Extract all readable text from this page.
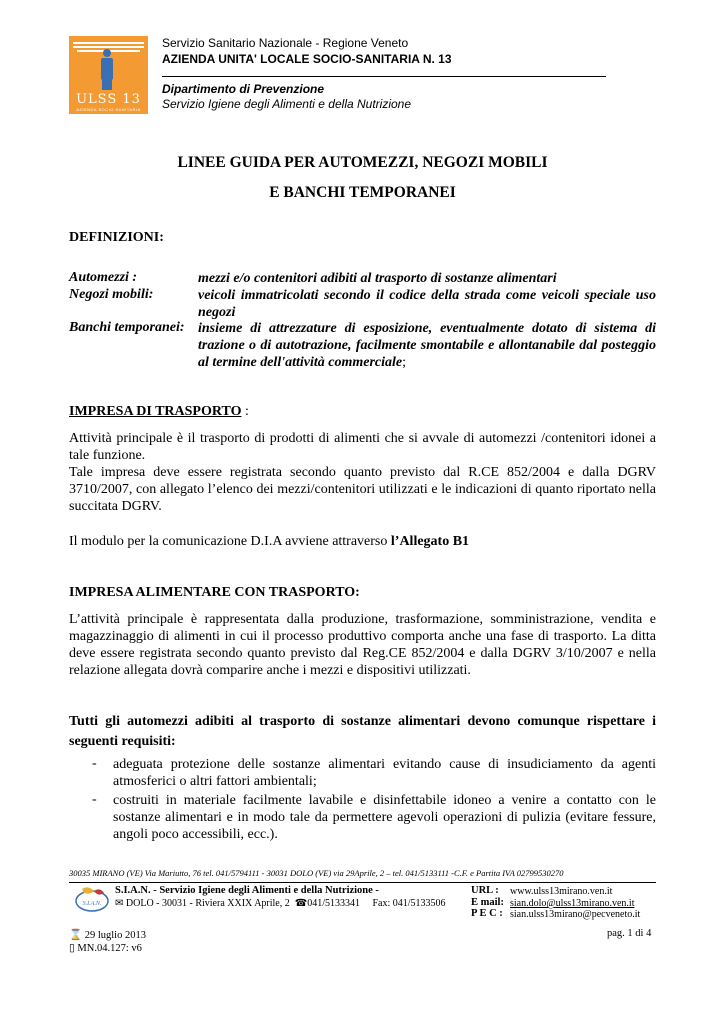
ULSS 13
AZIENDA SOCIO SANITARIA
Servizio Sanitario Nazionale - Regione Veneto
AZIENDA UNITA' LOCALE SOCIO-SANITARIA N. 13
Dipartimento di Prevenzione
Servizio Igiene degli Alimenti e della Nutrizione
LINEE GUIDA PER AUTOMEZZI, NEGOZI MOBILI
E BANCHI TEMPORANEI
DEFINIZIONI:
Automezzi :	mezzi e/o contenitori adibiti al trasporto di sostanze alimentari
Negozi mobili:	veicoli immatricolati secondo il codice della strada come veicoli speciale uso negozi
Banchi temporanei: insieme di attrezzature di esposizione, eventualmente dotato di sistema di trazione o di autotrazione, facilmente smontabile e allontanabile dal posteggio al termine dell'attività commerciale;
IMPRESA DI TRASPORTO :
Attività principale è il trasporto di prodotti di alimenti che si avvale di automezzi /contenitori idonei a tale funzione.
Tale impresa deve essere registrata secondo quanto previsto dal R.CE 852/2004 e dalla DGRV 3710/2007, con allegato l’elenco dei mezzi/contenitori utilizzati e le indicazioni di quanto riportato nella succitata DGRV.
Il modulo per la comunicazione D.I.A avviene attraverso l’Allegato B1
IMPRESA ALIMENTARE CON TRASPORTO:
L’attività principale è rappresentata dalla produzione, trasformazione, somministrazione, vendita e magazzinaggio di alimenti in cui il processo produttivo comporta anche una fase di trasporto. La ditta deve essere registrata secondo quanto previsto dal Reg.CE 852/2004 e dalla DGRV 3/10/2007 e nella relazione allegata dovrà comparire anche i mezzi e dispositivi utilizzati.
Tutti gli automezzi adibiti al trasporto di sostanze alimentari devono comunque rispettare i seguenti requisiti:
- adeguata protezione delle sostanze alimentari evitando cause di insudiciamento da agenti atmosferici o altri fattori ambientali;
- costruiti in materiale facilmente lavabile e disinfettabile idoneo a venire a contatto con le sostanze alimentari e in modo tale da permettere agevoli operazioni di pulizia (evitare fessure, angoli poco accessibili, ecc.).
30035 MIRANO (VE) Via Mariutto, 76 tel. 041/5794111 - 30031 DOLO (VE) via 29Aprile, 2 – tel. 041/5133111 -C.F. e Partita IVA 02799530270
S.I.A.N.
S.I.A.N. - Servizio Igiene degli Alimenti e della Nutrizione -
✉ DOLO - 30031 - Riviera XXIX Aprile, 2 ☎041/5133341 Fax: 041/5133506
URL : www.ulss13mirano.ven.it
E mail: sian.dolo@ulss13mirano.ven.it
P E C : sian.ulss13mirano@pecveneto.it
⌛ 29 luglio 2013
▯ MN.04.127: v6
pag. 1 di 4
